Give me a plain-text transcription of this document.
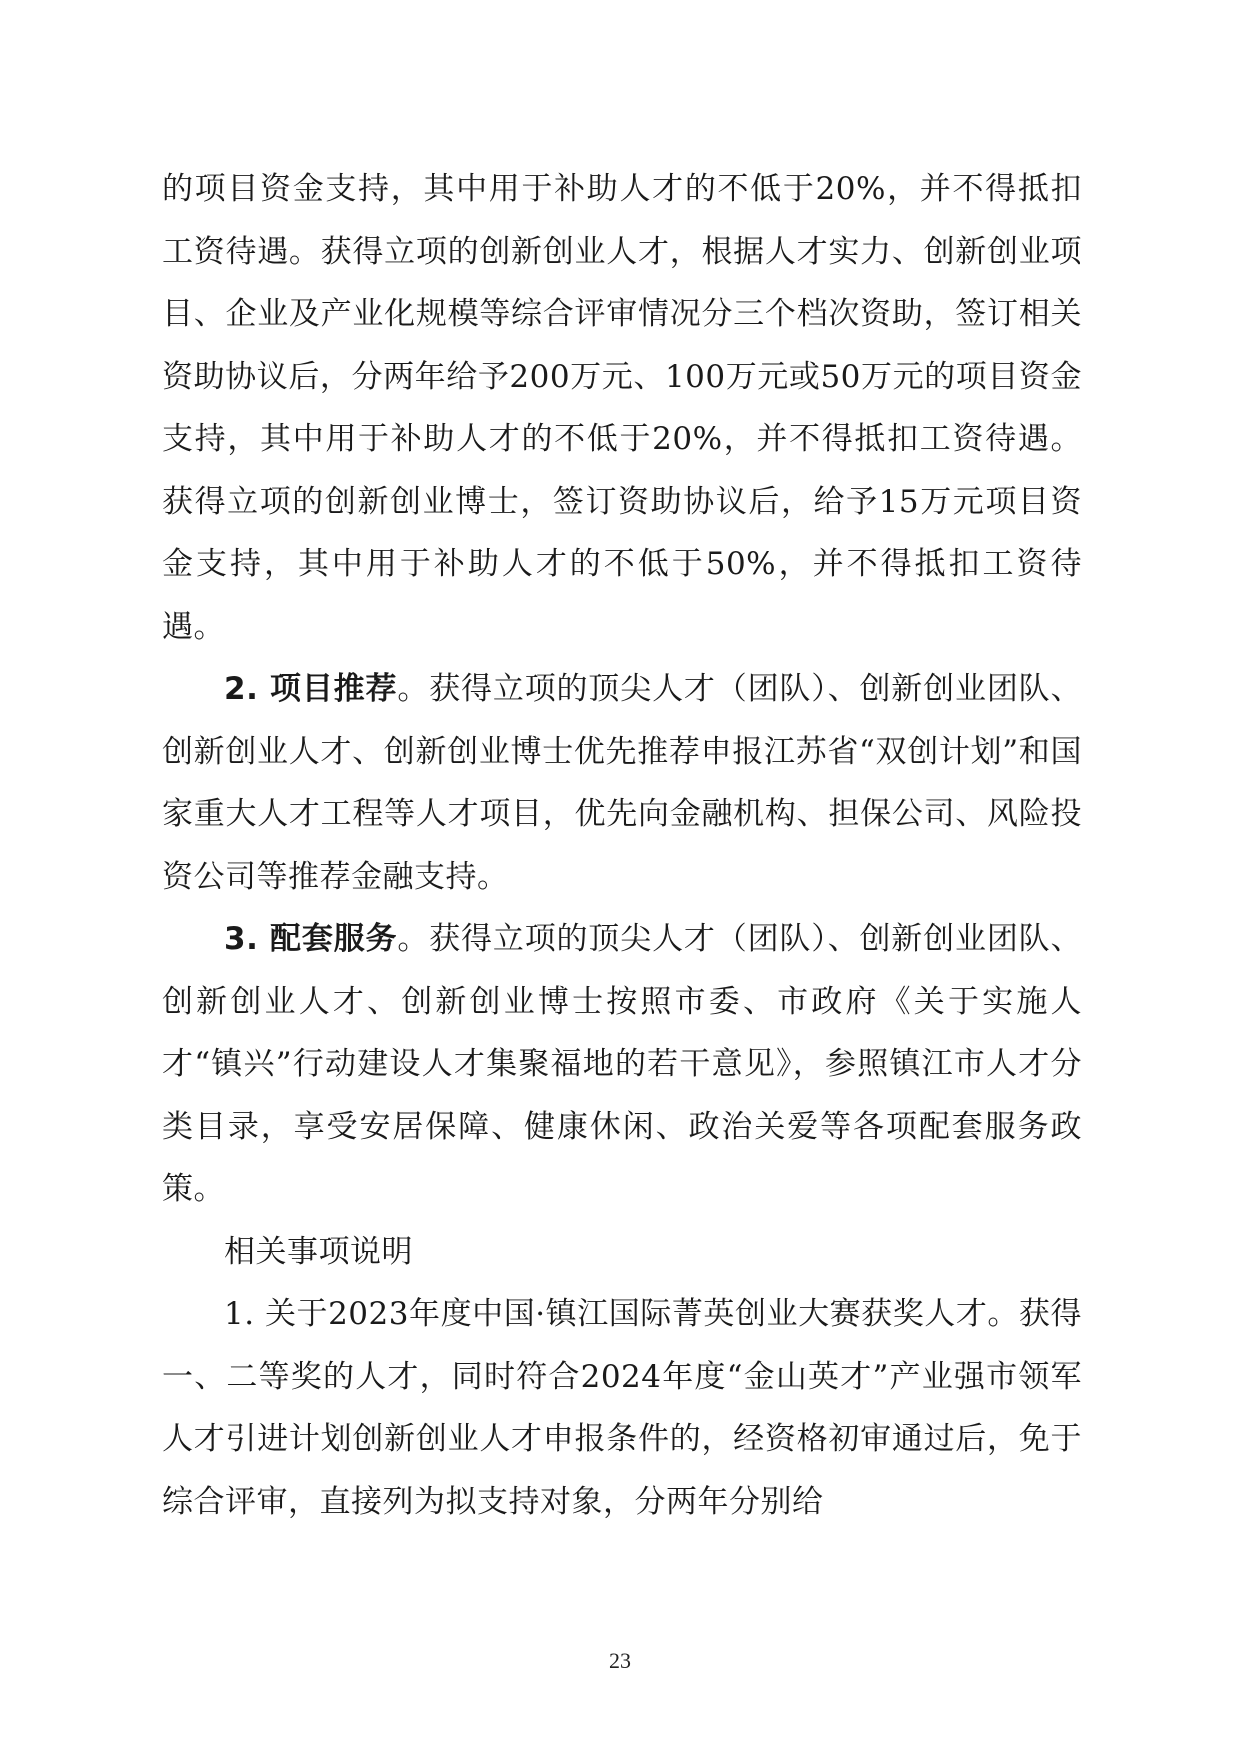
的项目资金支持，其中用于补助人才的不低于20%，并不得抵扣工资待遇。获得立项的创新创业人才，根据人才实力、创新创业项目、企业及产业化规模等综合评审情况分三个档次资助，签订相关资助协议后，分两年给予200万元、100万元或50万元的项目资金支持，其中用于补助人才的不低于20%，并不得抵扣工资待遇。获得立项的创新创业博士，签订资助协议后，给予15万元项目资金支持，其中用于补助人才的不低于50%，并不得抵扣工资待遇。

2. 项目推荐。获得立项的顶尖人才（团队）、创新创业团队、创新创业人才、创新创业博士优先推荐申报江苏省“双创计划”和国家重大人才工程等人才项目，优先向金融机构、担保公司、风险投资公司等推荐金融支持。

3. 配套服务。获得立项的顶尖人才（团队）、创新创业团队、创新创业人才、创新创业博士按照市委、市政府《关于实施人才“镇兴”行动建设人才集聚福地的若干意见》，参照镇江市人才分类目录，享受安居保障、健康休闲、政治关爱等各项配套服务政策。

相关事项说明

1. 关于2023年度中国·镇江国际菁英创业大赛获奖人才。获得一、二等奖的人才，同时符合2024年度“金山英才”产业强市领军人才引进计划创新创业人才申报条件的，经资格初审通过后，免于综合评审，直接列为拟支持对象，分两年分别给

23
